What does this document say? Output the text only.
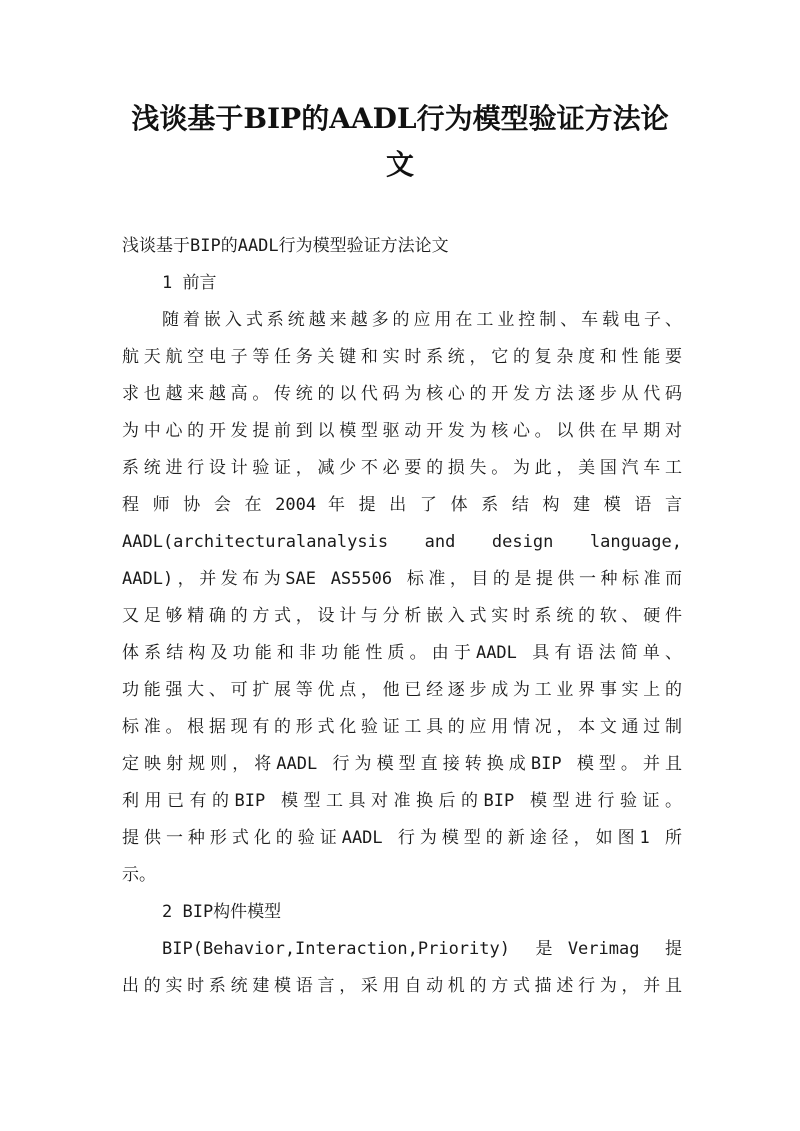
浅谈基于BIP的AADL行为模型验证方法论
文
浅谈基于BIP的AADL行为模型验证方法论文
1 前言
随着嵌入式系统越来越多的应用在工业控制、车载电子、
航天航空电子等任务关键和实时系统，它的复杂度和性能要
求也越来越高。传统的以代码为核心的开发方法逐步从代码
为中心的开发提前到以模型驱动开发为核心。以供在早期对
系统进行设计验证，减少不必要的损失。为此，美国汽车工
程 师 协 会 在 2004 年 提 出 了 体 系 结 构 建 模 语 言
AADL(architecturalanalysis and design language,
AADL)，并发布为SAE AS5506 标准，目的是提供一种标准而
又足够精确的方式，设计与分析嵌入式实时系统的软、硬件
体系结构及功能和非功能性质。由于AADL 具有语法简单、
功能强大、可扩展等优点，他已经逐步成为工业界事实上的
标准。根据现有的形式化验证工具的应用情况，本文通过制
定映射规则，将AADL 行为模型直接转换成BIP 模型。并且
利用已有的BIP 模型工具对准换后的BIP 模型进行验证。
提供一种形式化的验证AADL 行为模型的新途径，如图1 所
示。
2 BIP构件模型
BIP(Behavior,Interaction,Priority) 是Verimag 提
出的实时系统建模语言，采用自动机的方式描述行为，并且
